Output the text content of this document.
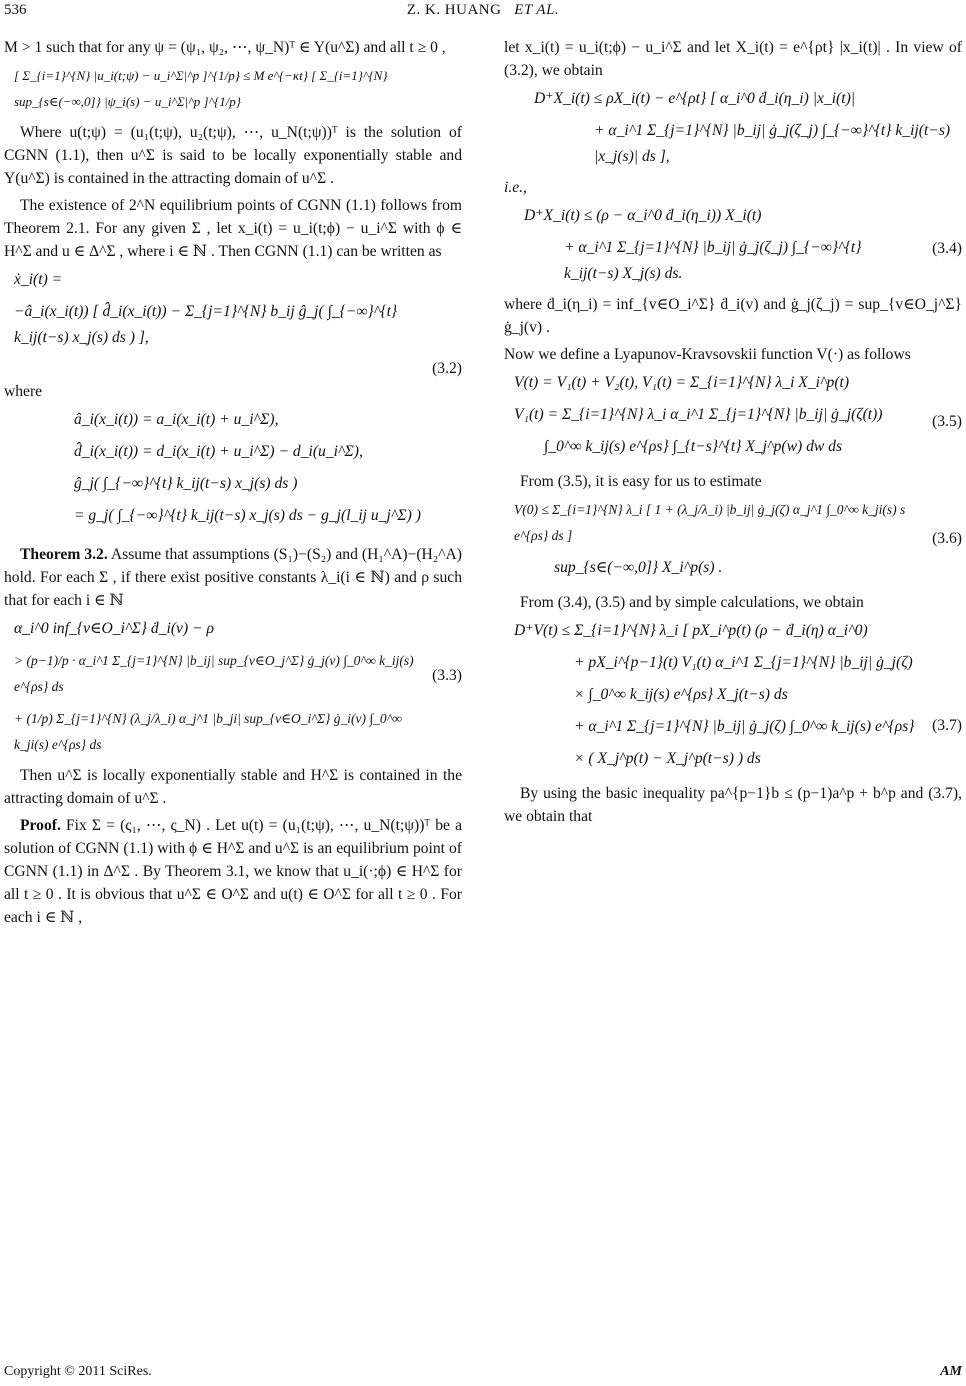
536	Z. K. HUANG ET AL.

M > 1 such that for any ψ = (ψ₁, ψ₂, ⋯, ψ_N)ᵀ ∈ Y(u^Σ) and all t ≥ 0 ,

[ Σ_{i=1}^{N} |u_i(t;ψ) − u_i^Σ|^p ]^{1/p} ≤ M e^{−κt} [ Σ_{i=1}^{N} sup_{s∈(−∞,0]} |ψ_i(s) − u_i^Σ|^p ]^{1/p}

Where u(t;ψ) = (u₁(t;ψ), u₂(t;ψ), ⋯, u_N(t;ψ))ᵀ is the solution of CGNN (1.1), then u^Σ is said to be locally exponentially stable and Y(u^Σ) is contained in the attracting domain of u^Σ .

The existence of 2^N equilibrium points of CGNN (1.1) follows from Theorem 2.1. For any given Σ , let x_i(t) = u_i(t;ϕ) − u_i^Σ with ϕ ∈ H^Σ and u ∈ Δ^Σ , where i ∈ ℕ . Then CGNN (1.1) can be written as

ẋ_i(t) =
−â_i(x_i(t)) [ d̂_i(x_i(t)) − Σ_{j=1}^{N} b_ij ĝ_j( ∫_{−∞}^{t} k_ij(t−s) x_j(s) ds ) ],
(3.2)

where

â_i(x_i(t)) = a_i(x_i(t) + u_i^Σ),
d̂_i(x_i(t)) = d_i(x_i(t) + u_i^Σ) − d_i(u_i^Σ),
ĝ_j( ∫_{−∞}^{t} k_ij(t−s) x_j(s) ds )
= g_j( ∫_{−∞}^{t} k_ij(t−s) x_j(s) ds − g_j(l_ij u_j^Σ) )

Theorem 3.2. Assume that assumptions (S₁)−(S₂) and (H₁^A)−(H₂^A) hold. For each Σ , if there exist positive constants λ_i(i ∈ ℕ) and ρ such that for each i ∈ ℕ

α_i^0 inf_{v∈O_i^Σ} ḋ_i(v) − ρ
> (p−1)/p · α_i^1 Σ_{j=1}^{N} |b_ij| sup_{v∈O_j^Σ} ġ_j(v) ∫_0^∞ k_ij(s) e^{ρs} ds
+ (1/p) Σ_{j=1}^{N} (λ_j/λ_i) α_j^1 |b_ji| sup_{v∈O_i^Σ} ġ_i(v) ∫_0^∞ k_ji(s) e^{ρs} ds
(3.3)

Then u^Σ is locally exponentially stable and H^Σ is contained in the attracting domain of u^Σ .

Proof. Fix Σ = (ς₁, ⋯, ς_N) . Let u(t) = (u₁(t;ψ), ⋯, u_N(t;ψ))ᵀ be a solution of CGNN (1.1) with ϕ ∈ H^Σ and u^Σ is an equilibrium point of CGNN (1.1) in Δ^Σ . By Theorem 3.1, we know that u_i(·;ϕ) ∈ H^Σ for all t ≥ 0 . It is obvious that u^Σ ∈ O^Σ and u(t) ∈ O^Σ for all t ≥ 0 . For each i ∈ ℕ ,

let x_i(t) = u_i(t;ϕ) − u_i^Σ and let X_i(t) = e^{ρt} |x_i(t)| . In view of (3.2), we obtain

D⁺X_i(t) ≤ ρX_i(t) − e^{ρt} [ α_i^0 ḋ_i(η_i) |x_i(t)|
+ α_i^1 Σ_{j=1}^{N} |b_ij| ġ_j(ζ_j) ∫_{−∞}^{t} k_ij(t−s) |x_j(s)| ds ],

i.e.,

D⁺X_i(t) ≤ (ρ − α_i^0 ḋ_i(η_i)) X_i(t)
+ α_i^1 Σ_{j=1}^{N} |b_ij| ġ_j(ζ_j) ∫_{−∞}^{t} k_ij(t−s) X_j(s) ds.
(3.4)

where ḋ_i(η_i) = inf_{v∈O_i^Σ} ḋ_i(v) and ġ_j(ζ_j) = sup_{v∈O_j^Σ} ġ_j(v) .

Now we define a Lyapunov-Kravsovskii function V(·) as follows

V(t) = V₁(t) + V₂(t), V₁(t) = Σ_{i=1}^{N} λ_i X_i^p(t)
V₁(t) = Σ_{i=1}^{N} λ_i α_i^1 Σ_{j=1}^{N} |b_ij| ġ_j(ζ(t))
∫_0^∞ k_ij(s) e^{ρs} ∫_{t−s}^{t} X_j^p(w) dw ds
(3.5)

From (3.5), it is easy for us to estimate

V(0) ≤ Σ_{i=1}^{N} λ_i [ 1 + (λ_j/λ_i) |b_ij| ġ_j(ζ) α_j^1 ∫_0^∞ k_ji(s) s e^{ρs} ds ]
sup_{s∈(−∞,0]} X_i^p(s) .
(3.6)

From (3.4), (3.5) and by simple calculations, we obtain

D⁺V(t) ≤ Σ_{i=1}^{N} λ_i [ pX_i^p(t) (ρ − ḋ_i(η) α_i^0)
+ pX_i^{p−1}(t) V₁(t) α_i^1 Σ_{j=1}^{N} |b_ij| ġ_j(ζ)
× ∫_0^∞ k_ij(s) e^{ρs} X_j(t−s) ds
+ α_i^1 Σ_{j=1}^{N} |b_ij| ġ_j(ζ) ∫_0^∞ k_ij(s) e^{ρs}
× ( X_j^p(t) − X_j^p(t−s) ) ds
(3.7)

By using the basic inequality pa^{p−1}b ≤ (p−1)a^p + b^p and (3.7), we obtain that

Copyright © 2011 SciRes.	AM
